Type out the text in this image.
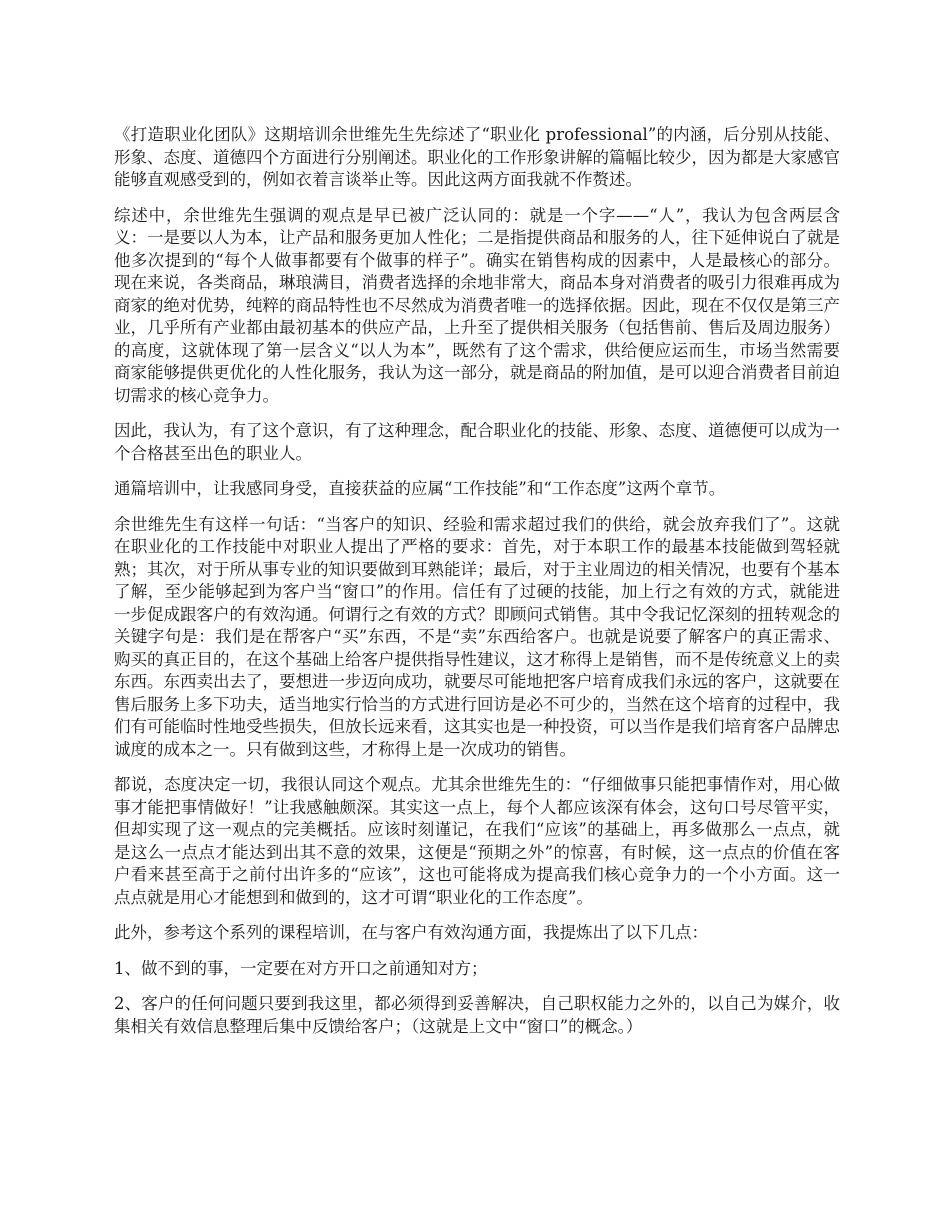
《打造职业化团队》这期培训余世维先生先综述了“职业化 professional”的内涵，后分别从技能、形象、态度、道德四个方面进行分别阐述。职业化的工作形象讲解的篇幅比较少，因为都是大家感官能够直观感受到的，例如衣着言谈举止等。因此这两方面我就不作赘述。

综述中，余世维先生强调的观点是早已被广泛认同的：就是一个字——“人”，我认为包含两层含义：一是要以人为本，让产品和服务更加人性化；二是指提供商品和服务的人，往下延伸说白了就是他多次提到的“每个人做事都要有个做事的样子”。确实在销售构成的因素中，人是最核心的部分。现在来说，各类商品，琳琅满目，消费者选择的余地非常大，商品本身对消费者的吸引力很难再成为商家的绝对优势，纯粹的商品特性也不尽然成为消费者唯一的选择依据。因此，现在不仅仅是第三产业，几乎所有产业都由最初基本的供应产品，上升至了提供相关服务（包括售前、售后及周边服务）的高度，这就体现了第一层含义“以人为本”，既然有了这个需求，供给便应运而生，市场当然需要商家能够提供更优化的人性化服务，我认为这一部分，就是商品的附加值，是可以迎合消费者目前迫切需求的核心竞争力。

因此，我认为，有了这个意识，有了这种理念，配合职业化的技能、形象、态度、道德便可以成为一个合格甚至出色的职业人。

通篇培训中，让我感同身受，直接获益的应属“工作技能”和“工作态度”这两个章节。

余世维先生有这样一句话：“当客户的知识、经验和需求超过我们的供给，就会放弃我们了”。这就在职业化的工作技能中对职业人提出了严格的要求：首先，对于本职工作的最基本技能做到驾轻就熟；其次，对于所从事专业的知识要做到耳熟能详；最后，对于主业周边的相关情况，也要有个基本了解，至少能够起到为客户当“窗口”的作用。信任有了过硬的技能，加上行之有效的方式，就能进一步促成跟客户的有效沟通。何谓行之有效的方式？即顾问式销售。其中令我记忆深刻的扭转观念的关键字句是：我们是在帮客户“买”东西，不是“卖”东西给客户。也就是说要了解客户的真正需求、购买的真正目的，在这个基础上给客户提供指导性建议，这才称得上是销售，而不是传统意义上的卖东西。东西卖出去了，要想进一步迈向成功，就要尽可能地把客户培育成我们永远的客户，这就要在售后服务上多下功夫，适当地实行恰当的方式进行回访是必不可少的，当然在这个培育的过程中，我们有可能临时性地受些损失，但放长远来看，这其实也是一种投资，可以当作是我们培育客户品牌忠诚度的成本之一。只有做到这些，才称得上是一次成功的销售。

都说，态度决定一切，我很认同这个观点。尤其余世维先生的：“仔细做事只能把事情作对，用心做事才能把事情做好！”让我感触颇深。其实这一点上，每个人都应该深有体会，这句口号尽管平实，但却实现了这一观点的完美概括。应该时刻谨记，在我们“应该”的基础上，再多做那么一点点，就是这么一点点才能达到出其不意的效果，这便是“预期之外”的惊喜，有时候，这一点点的价值在客户看来甚至高于之前付出许多的“应该”，这也可能将成为提高我们核心竞争力的一个小方面。这一点点就是用心才能想到和做到的，这才可谓“职业化的工作态度”。

此外，参考这个系列的课程培训，在与客户有效沟通方面，我提炼出了以下几点：

1、做不到的事，一定要在对方开口之前通知对方；

2、客户的任何问题只要到我这里，都必须得到妥善解决，自己职权能力之外的，以自己为媒介，收集相关有效信息整理后集中反馈给客户；（这就是上文中“窗口”的概念。）
